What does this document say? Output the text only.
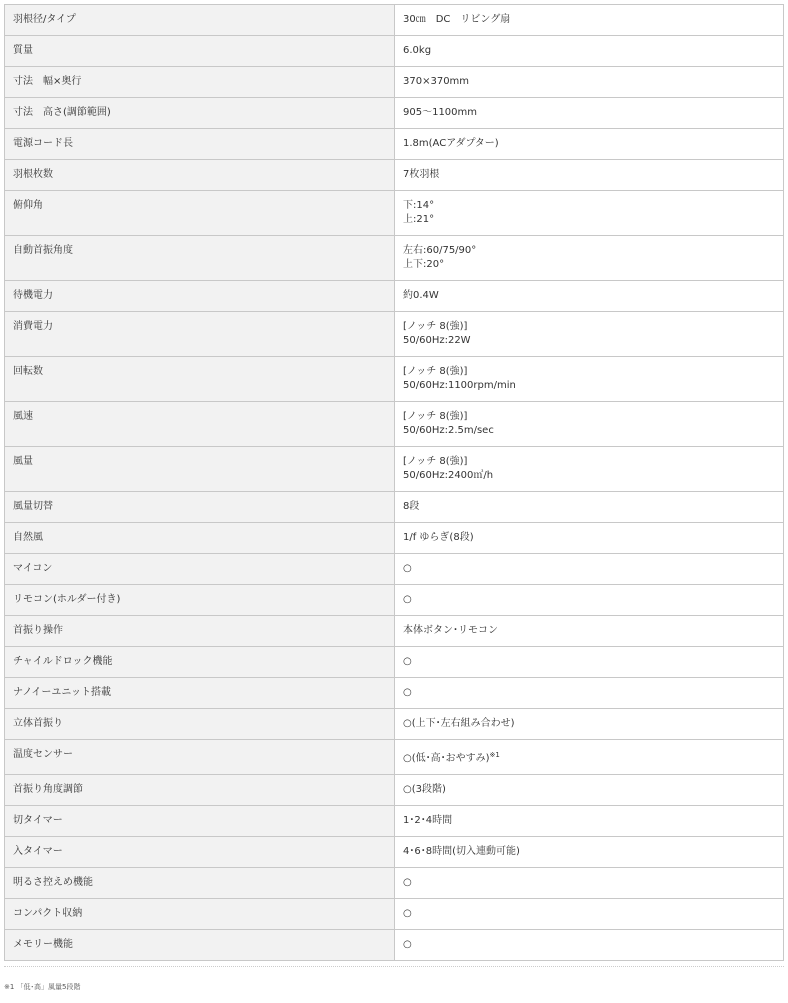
羽根径/タイプ	30㎝　DC　リビング扇

質量	6.0kg

寸法　幅×奥行	370×370mm

寸法　高さ(調節範囲)	905～1100mm

電源コード長	1.8m(ACアダプター)

羽根枚数	7枚羽根

俯仰角	下:14°
上:21°

自動首振角度	左右:60/75/90°
上下:20°

待機電力	約0.4W

消費電力	[ノッチ 8(強)]
50/60Hz:22W

回転数	[ノッチ 8(強)]
50/60Hz:1100rpm/min

風速	[ノッチ 8(強)]
50/60Hz:2.5m/sec

風量	[ノッチ 8(強)]
50/60Hz:2400㎥/h

風量切替	8段

自然風	1/f ゆらぎ(8段)

マイコン	○

リモコン(ホルダー付き)	○

首振り操作	本体ボタン･リモコン

チャイルドロック機能	○

ナノイーユニット搭載	○

立体首振り	○(上下･左右組み合わせ)

温度センサー	○(低･高･おやすみ)$^{※1}$

首振り角度調節	○(3段階)

切タイマー	1･2･4時間

入タイマー	4･6･8時間(切入連動可能)

明るさ控えめ機能	○

コンパクト収納	○

メモリー機能	○
※1 「低･高」風量5段階
